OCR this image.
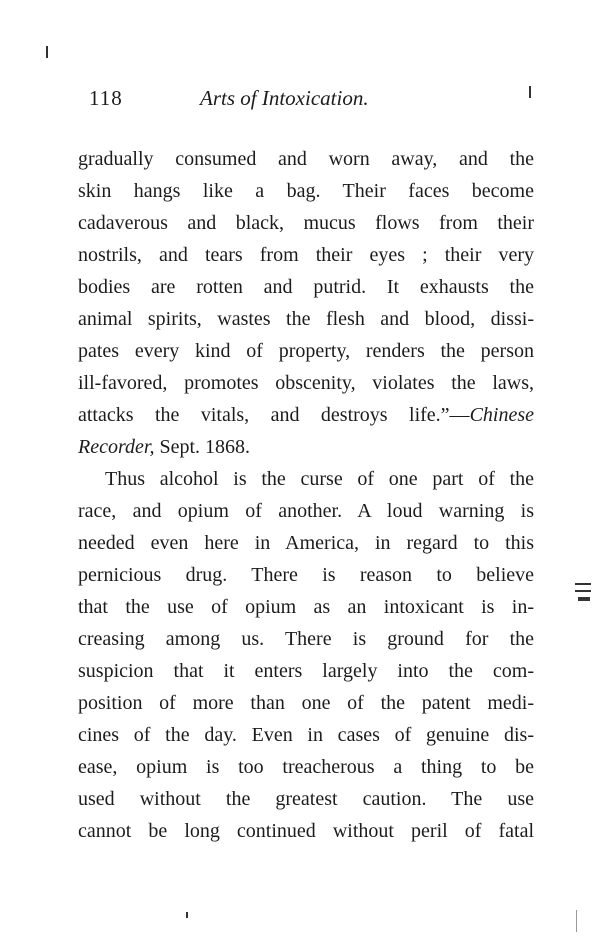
118	Arts of Intoxication.
gradually consumed and worn away, and the
skin hangs like a bag. Their faces become
cadaverous and black, mucus flows from their
nostrils, and tears from their eyes ; their very
bodies are rotten and putrid. It exhausts the
animal spirits, wastes the flesh and blood, dissi-
pates every kind of property, renders the person
ill-favored, promotes obscenity, violates the laws,
attacks the vitals, and destroys life.”—Chinese
Recorder, Sept. 1868.
Thus alcohol is the curse of one part of the
race, and opium of another. A loud warning is
needed even here in America, in regard to this
pernicious drug. There is reason to believe
that the use of opium as an intoxicant is in-
creasing among us. There is ground for the
suspicion that it enters largely into the com-
position of more than one of the patent medi-
cines of the day. Even in cases of genuine dis-
ease, opium is too treacherous a thing to be
used without the greatest caution. The use
cannot be long continued without peril of fatal
